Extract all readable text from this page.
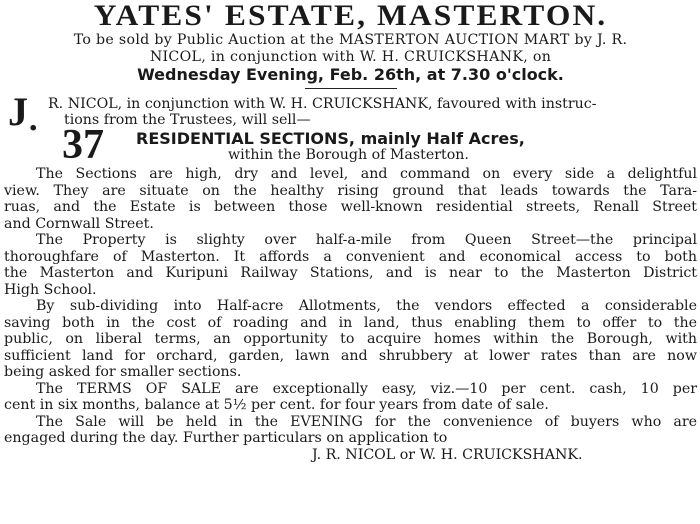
YATES' ESTATE, MASTERTON.
To be sold by Public Auction at the MASTERTON AUCTION MART by J. R.
NICOL, in conjunction with W. H. CRUICKSHANK, on
Wednesday Evening, Feb. 26th, at 7.30 o'clock.
J . R. NICOL, in conjunction with W. H. CRUICKSHANK, favoured with instruc-
tions from the Trustees, will sell—
37 RESIDENTIAL SECTIONS, mainly Half Acres,
within the Borough of Masterton.
The Sections are high, dry and level, and command on every side a delightful
view. They are situate on the healthy rising ground that leads towards the Tara-
ruas, and the Estate is between those well-known residential streets, Renall Street
and Cornwall Street.
The Property is slighty over half-a-mile from Queen Street—the principal
thoroughfare of Masterton. It affords a convenient and economical access to both
the Masterton and Kuripuni Railway Stations, and is near to the Masterton District
High School.
By sub-dividing into Half-acre Allotments, the vendors effected a considerable
saving both in the cost of roading and in land, thus enabling them to offer to the
public, on liberal terms, an opportunity to acquire homes within the Borough, with
sufficient land for orchard, garden, lawn and shrubbery at lower rates than are now
being asked for smaller sections.
The TERMS OF SALE are exceptionally easy, viz.—10 per cent. cash, 10 per
cent in six months, balance at 5½ per cent. for four years from date of sale.
The Sale will be held in the EVENING for the convenience of buyers who are
engaged during the day. Further particulars on application to
J. R. NICOL or W. H. CRUICKSHANK.
